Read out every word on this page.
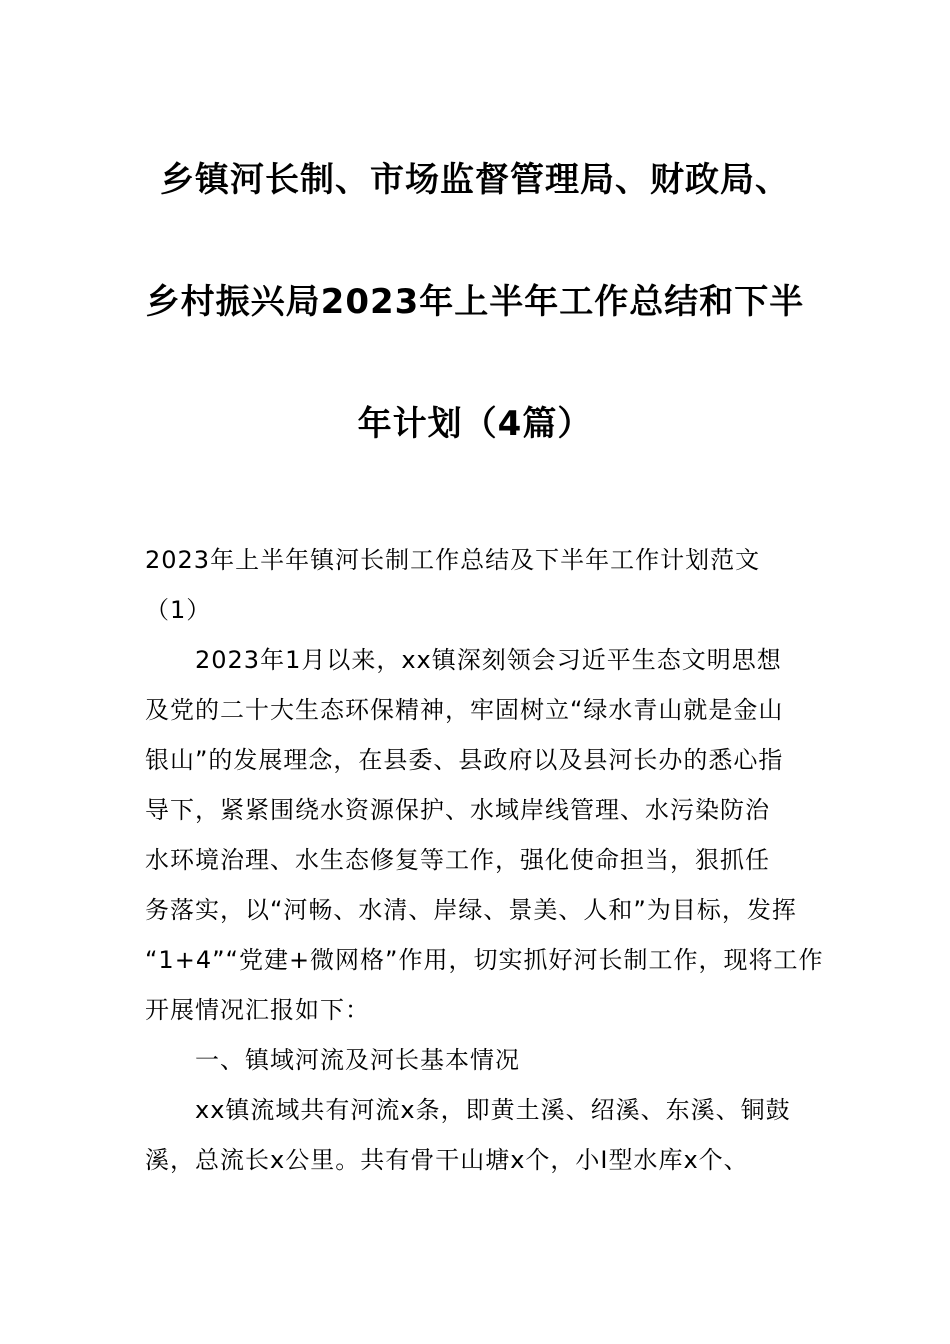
乡镇河长制、市场监督管理局、财政局、
乡村振兴局2023年上半年工作总结和下半
年计划（4篇）
2023年上半年镇河长制工作总结及下半年工作计划范文
（1）
2023年1月以来，xx镇深刻领会习近平生态文明思想
及党的二十大生态环保精神，牢固树立“绿水青山就是金山
银山”的发展理念，在县委、县政府以及县河长办的悉心指
导下，紧紧围绕水资源保护、水域岸线管理、水污染防治
水环境治理、水生态修复等工作，强化使命担当，狠抓任
务落实，以“河畅、水清、岸绿、景美、人和”为目标，发挥
“1+4”“党建+微网格”作用，切实抓好河长制工作，现将工作
开展情况汇报如下：
一、镇域河流及河长基本情况
xx镇流域共有河流x条，即黄土溪、绍溪、东溪、铜鼓
溪，总流长x公里。共有骨干山塘x个，小Ⅰ型水库x个、
